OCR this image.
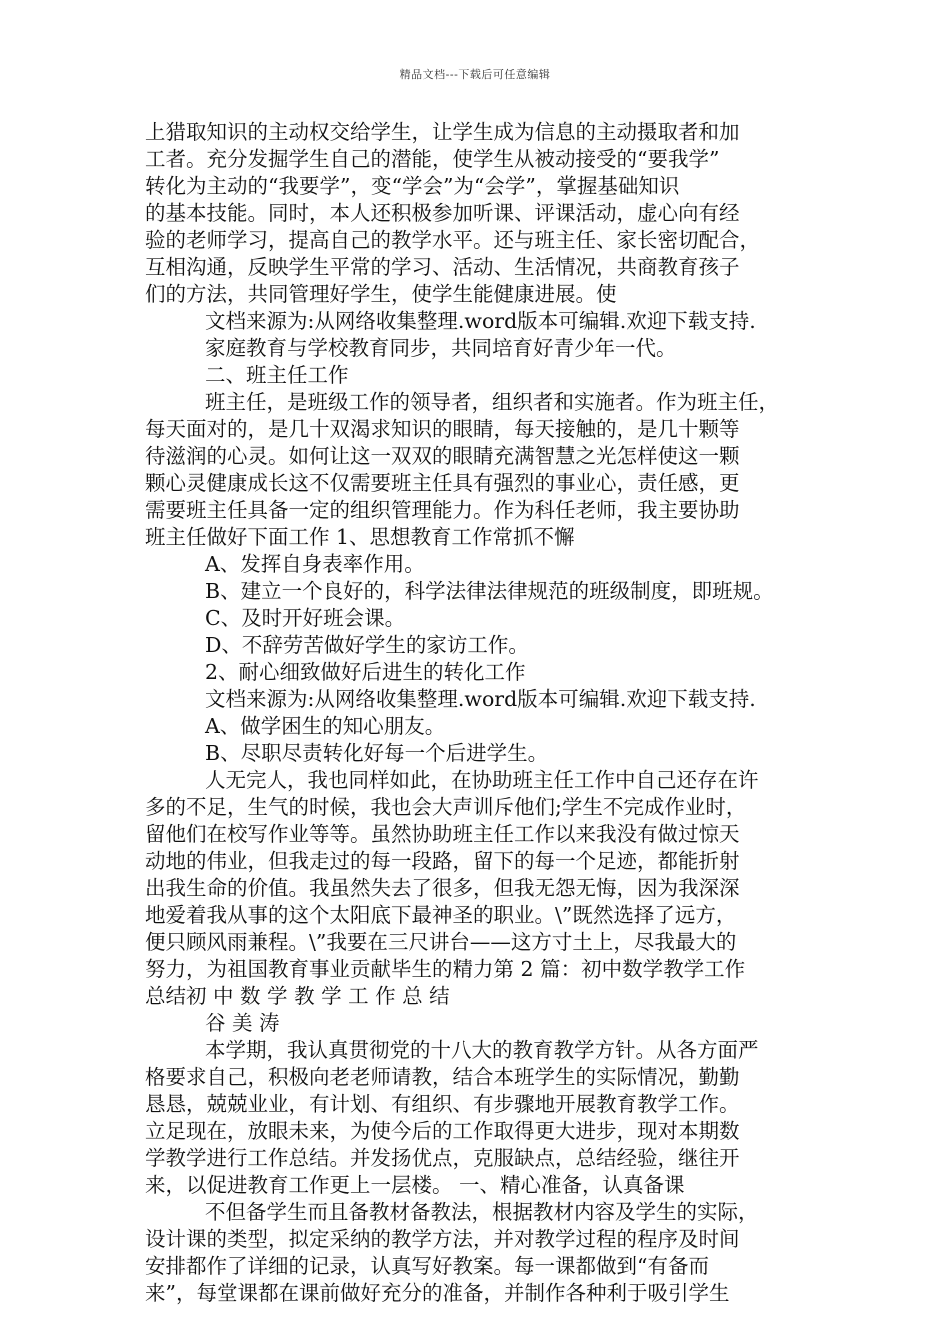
精品文档---下载后可任意编辑
上猎取知识的主动权交给学生，让学生成为信息的主动摄取者和加
工者。充分发掘学生自己的潜能，使学生从被动接受的“要我学”
转化为主动的“我要学”，变“学会”为“会学”，掌握基础知识
的基本技能。同时，本人还积极参加听课、评课活动，虚心向有经
验的老师学习，提高自己的教学水平。还与班主任、家长密切配合，
互相沟通，反映学生平常的学习、活动、生活情况，共商教育孩子
们的方法，共同管理好学生，使学生能健康进展。使
文档来源为:从网络收集整理.word版本可编辑.欢迎下载支持.
家庭教育与学校教育同步，共同培育好青少年一代。
二、班主任工作
班主任，是班级工作的领导者，组织者和实施者。作为班主任，
每天面对的，是几十双渴求知识的眼睛，每天接触的，是几十颗等
待滋润的心灵。如何让这一双双的眼睛充满智慧之光怎样使这一颗
颗心灵健康成长这不仅需要班主任具有强烈的事业心，责任感，更
需要班主任具备一定的组织管理能力。作为科任老师，我主要协助
班主任做好下面工作 1、思想教育工作常抓不懈
A、发挥自身表率作用。
B、建立一个良好的，科学法律法律规范的班级制度，即班规。
C、及时开好班会课。
D、不辞劳苦做好学生的家访工作。
2、耐心细致做好后进生的转化工作
文档来源为:从网络收集整理.word版本可编辑.欢迎下载支持.
A、做学困生的知心朋友。
B、尽职尽责转化好每一个后进学生。
人无完人，我也同样如此，在协助班主任工作中自己还存在许
多的不足，生气的时候，我也会大声训斥他们;学生不完成作业时，
留他们在校写作业等等。虽然协助班主任工作以来我没有做过惊天
动地的伟业，但我走过的每一段路，留下的每一个足迹，都能折射
出我生命的价值。我虽然失去了很多，但我无怨无悔，因为我深深
地爱着我从事的这个太阳底下最神圣的职业。\”既然选择了远方，
便只顾风雨兼程。\”我要在三尺讲台——这方寸土上，尽我最大的
努力，为祖国教育事业贡献毕生的精力第 2 篇：初中数学教学工作
总结初 中 数 学 教 学 工 作 总 结
谷 美 涛
本学期，我认真贯彻党的十八大的教育教学方针。从各方面严
格要求自己，积极向老老师请教，结合本班学生的实际情况，勤勤
恳恳，兢兢业业，有计划、有组织、有步骤地开展教育教学工作。
立足现在，放眼未来，为使今后的工作取得更大进步，现对本期数
学教学进行工作总结。并发扬优点，克服缺点，总结经验，继往开
来，以促进教育工作更上一层楼。 一、精心准备，认真备课
不但备学生而且备教材备教法，根据教材内容及学生的实际，
设计课的类型，拟定采纳的教学方法，并对教学过程的程序及时间
安排都作了详细的记录，认真写好教案。每一课都做到“有备而
来”，每堂课都在课前做好充分的准备，并制作各种利于吸引学生
